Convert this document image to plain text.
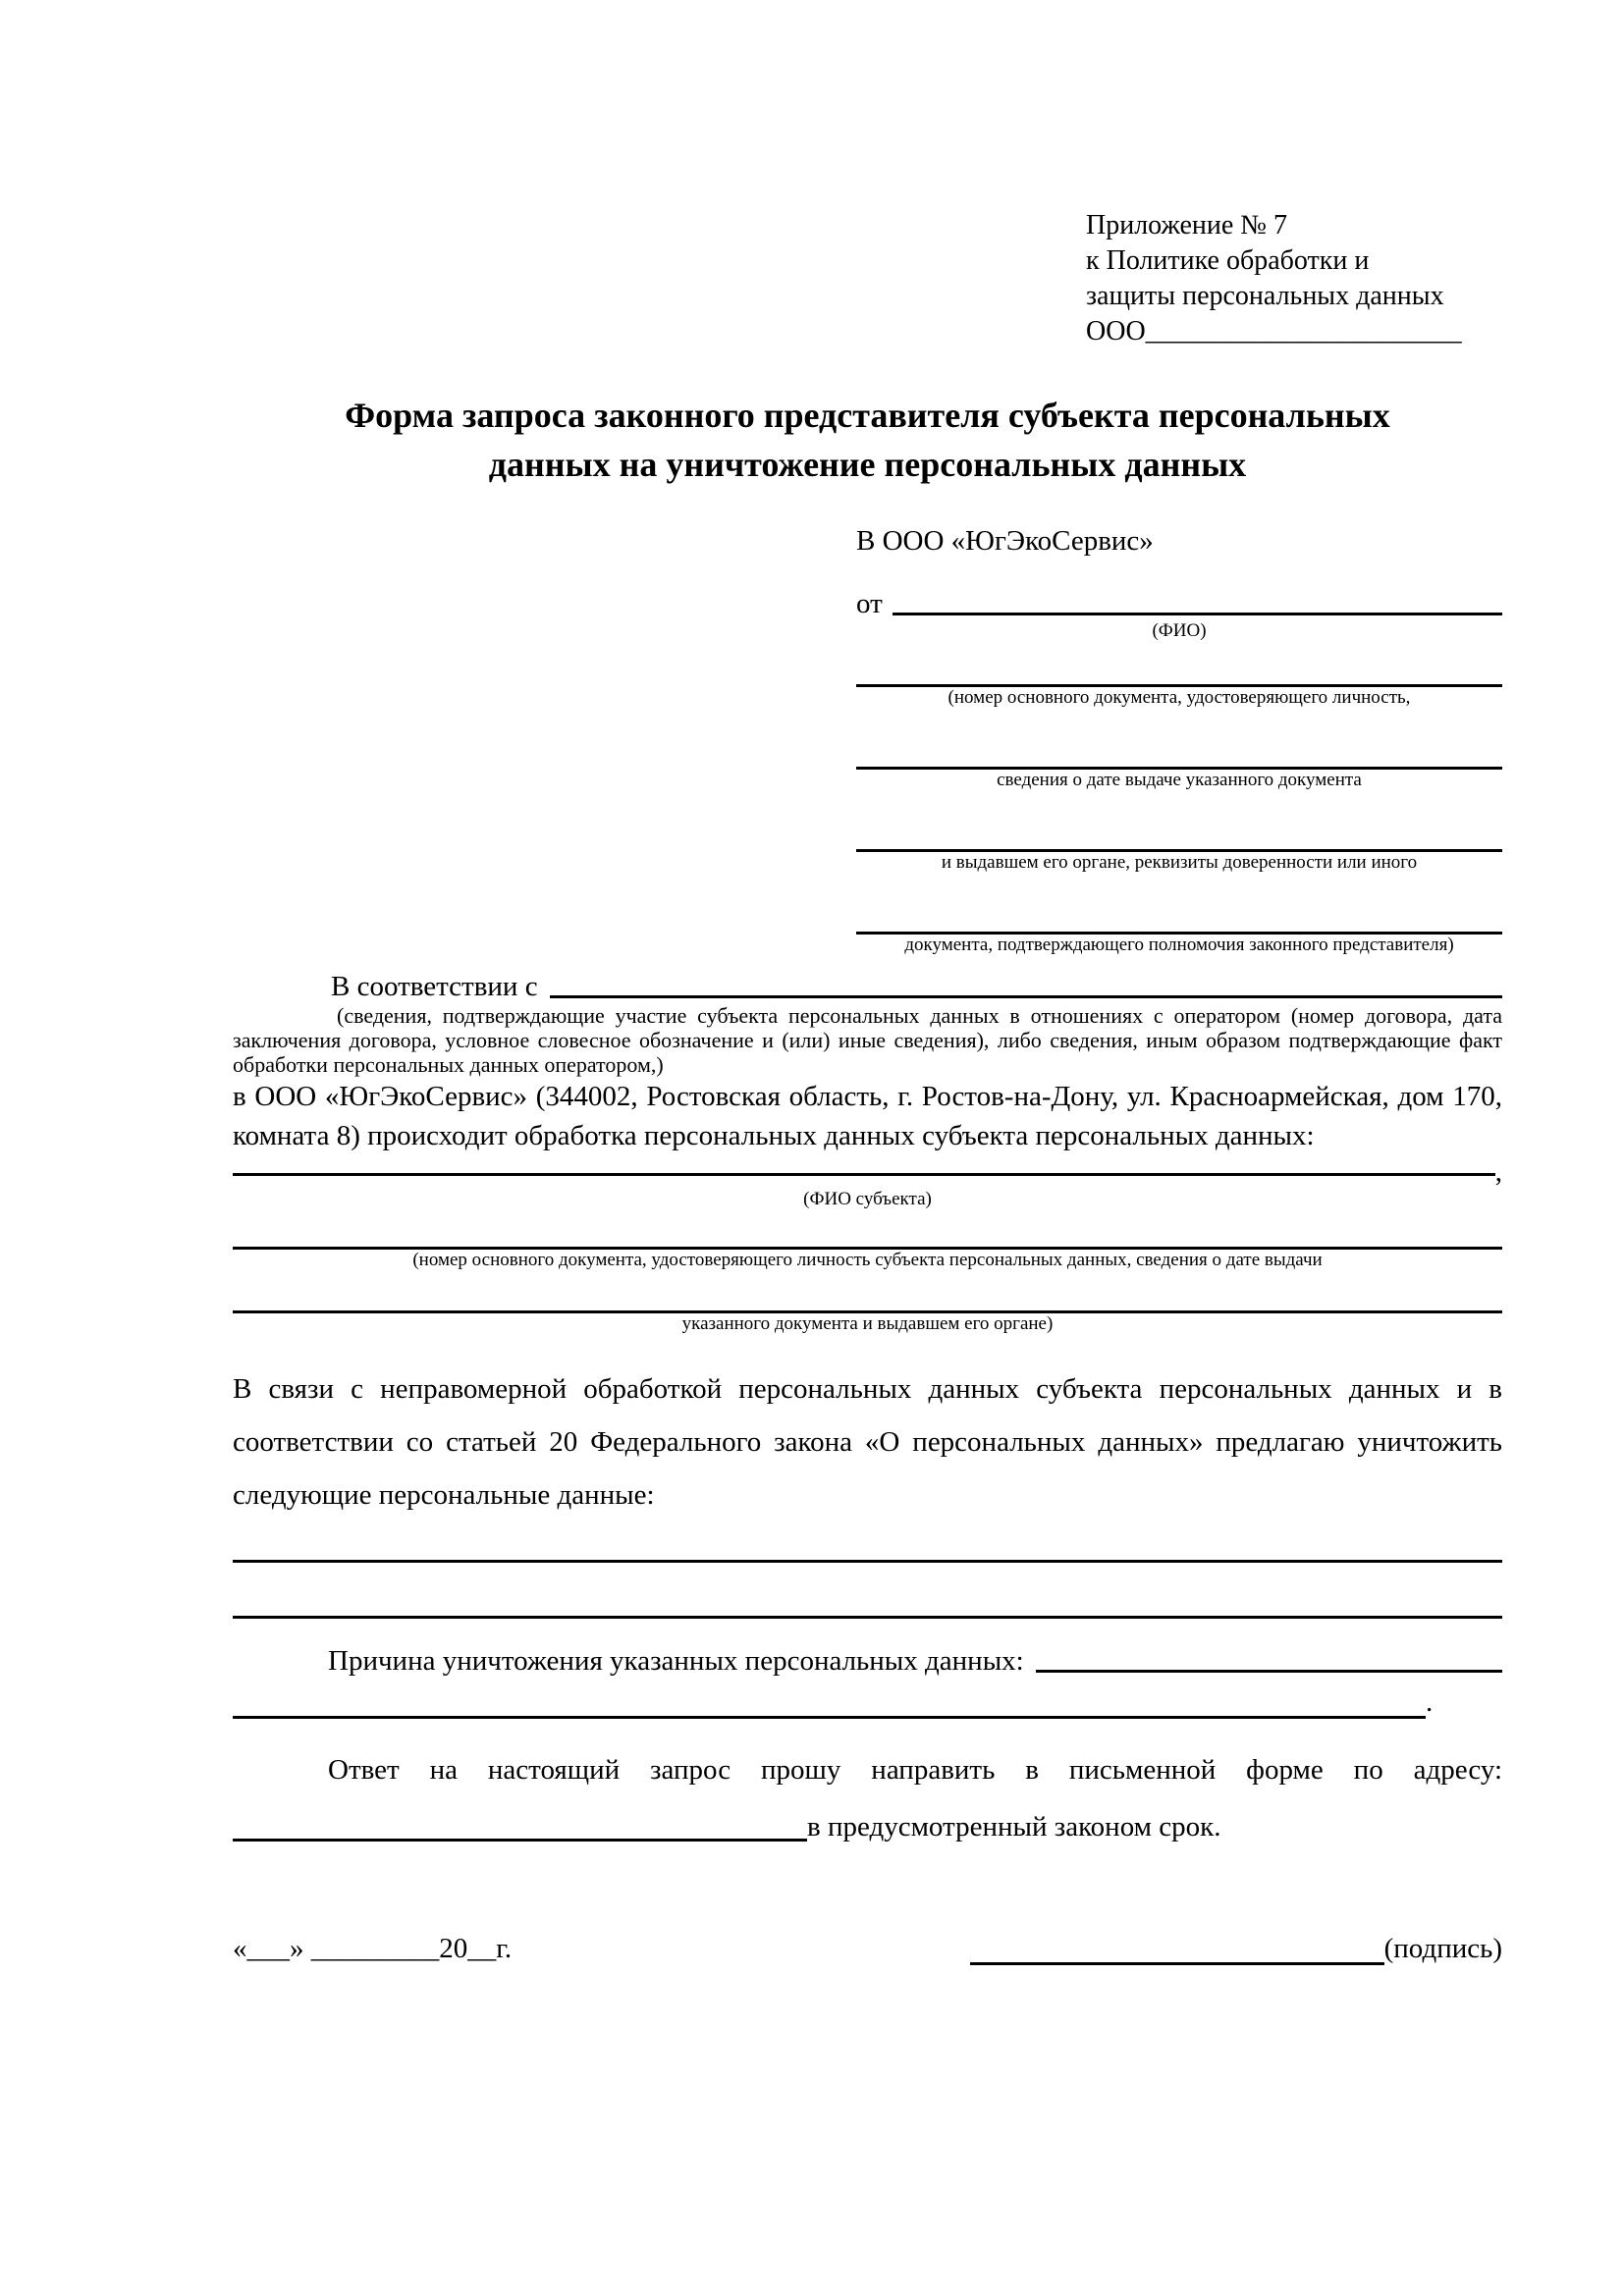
Приложение № 7
к Политике обработки и
защиты персональных данных
ООО_______________________
Форма запроса законного представителя субъекта персональных
данных на уничтожение персональных данных
В ООО «ЮгЭкоСервис»
от
(ФИО)
(номер основного документа, удостоверяющего личность,
сведения о дате выдаче указанного документа
и выдавшем его органе, реквизиты доверенности или иного
документа, подтверждающего полномочия законного представителя)
В соответствии с
(сведения, подтверждающие участие субъекта персональных данных в отношениях с оператором (номер договора, дата заключения договора, условное словесное обозначение и (или) иные сведения), либо сведения, иным образом подтверждающие факт обработки персональных данных оператором,)

в ООО «ЮгЭкоСервис» (344002, Ростовская область, г. Ростов-на-Дону, ул. Красноармейская, дом 170, комната 8) происходит обработка персональных данных субъекта персональных данных:

,
(ФИО субъекта)
(номер основного документа, удостоверяющего личность субъекта персональных данных, сведения о дате выдачи
указанного документа и выдавшем его органе)
В связи с неправомерной обработкой персональных данных субъекта персональных данных и в соответствии со статьей 20 Федерального закона «О персональных данных» предлагаю уничтожить следующие персональные данные:
Причина уничтожения указанных персональных данных:
.

Ответ на настоящий запрос прошу направить в письменной форме по адресу:

в предусмотренный законом срок.
«___» _________20__г.	(подпись)
